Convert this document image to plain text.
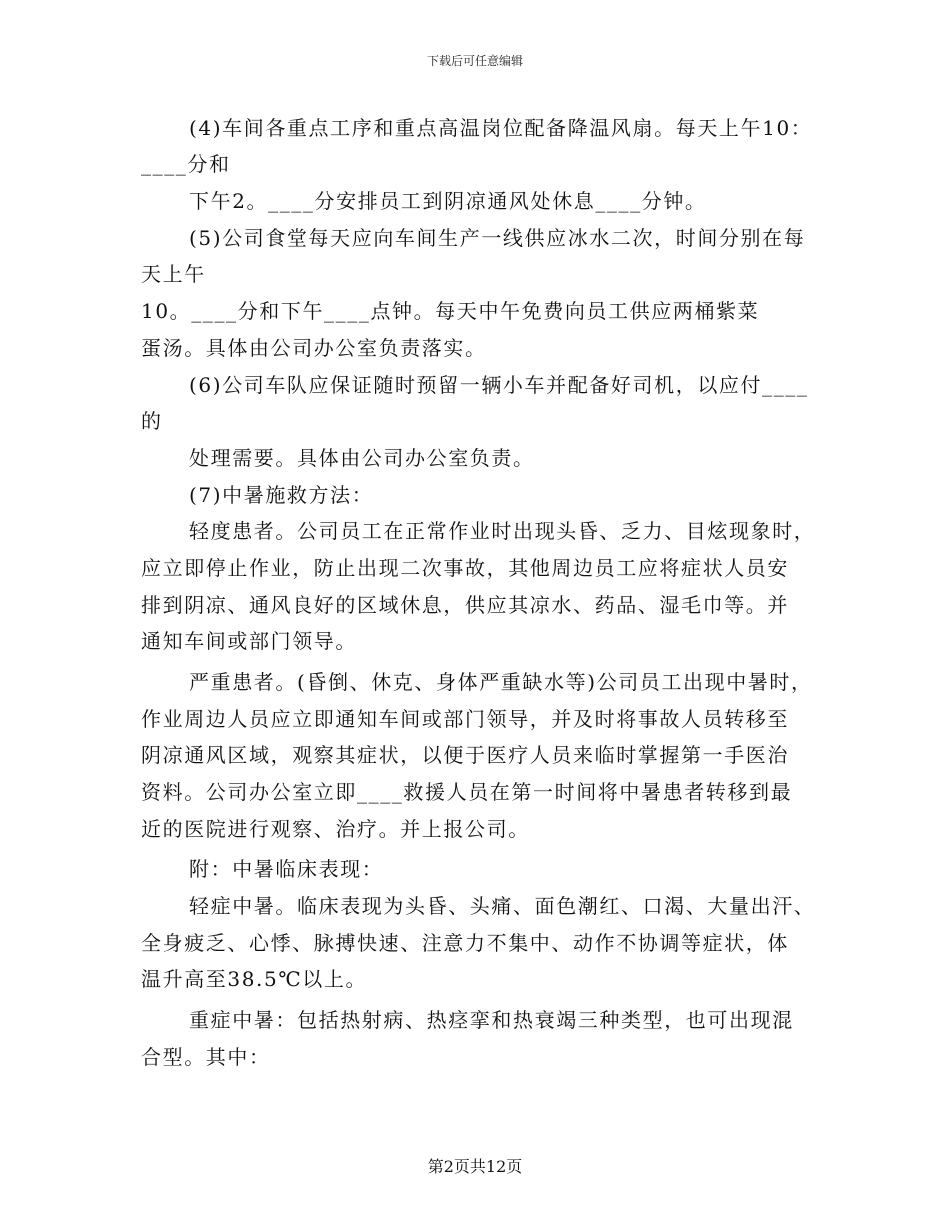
下载后可任意编辑

(4)车间各重点工序和重点高温岗位配备降温风扇。每天上午10：

____分和

下午2。____分安排员工到阴凉通风处休息____分钟。

(5)公司食堂每天应向车间生产一线供应冰水二次，时间分别在每

天上午

10。____分和下午____点钟。每天中午免费向员工供应两桶紫菜

蛋汤。具体由公司办公室负责落实。

(6)公司车队应保证随时预留一辆小车并配备好司机，以应付____

的

处理需要。具体由公司办公室负责。

(7)中暑施救方法：

轻度患者。公司员工在正常作业时出现头昏、乏力、目炫现象时，

应立即停止作业，防止出现二次事故，其他周边员工应将症状人员安

排到阴凉、通风良好的区域休息，供应其凉水、药品、湿毛巾等。并

通知车间或部门领导。

严重患者。(昏倒、休克、身体严重缺水等)公司员工出现中暑时，

作业周边人员应立即通知车间或部门领导，并及时将事故人员转移至

阴凉通风区域，观察其症状，以便于医疗人员来临时掌握第一手医治

资料。公司办公室立即____救援人员在第一时间将中暑患者转移到最

近的医院进行观察、治疗。并上报公司。

附：中暑临床表现：

轻症中暑。临床表现为头昏、头痛、面色潮红、口渴、大量出汗、

全身疲乏、心悸、脉搏快速、注意力不集中、动作不协调等症状，体

温升高至38.5℃以上。

重症中暑：包括热射病、热痉挛和热衰竭三种类型，也可出现混

合型。其中：

第2页共12页
